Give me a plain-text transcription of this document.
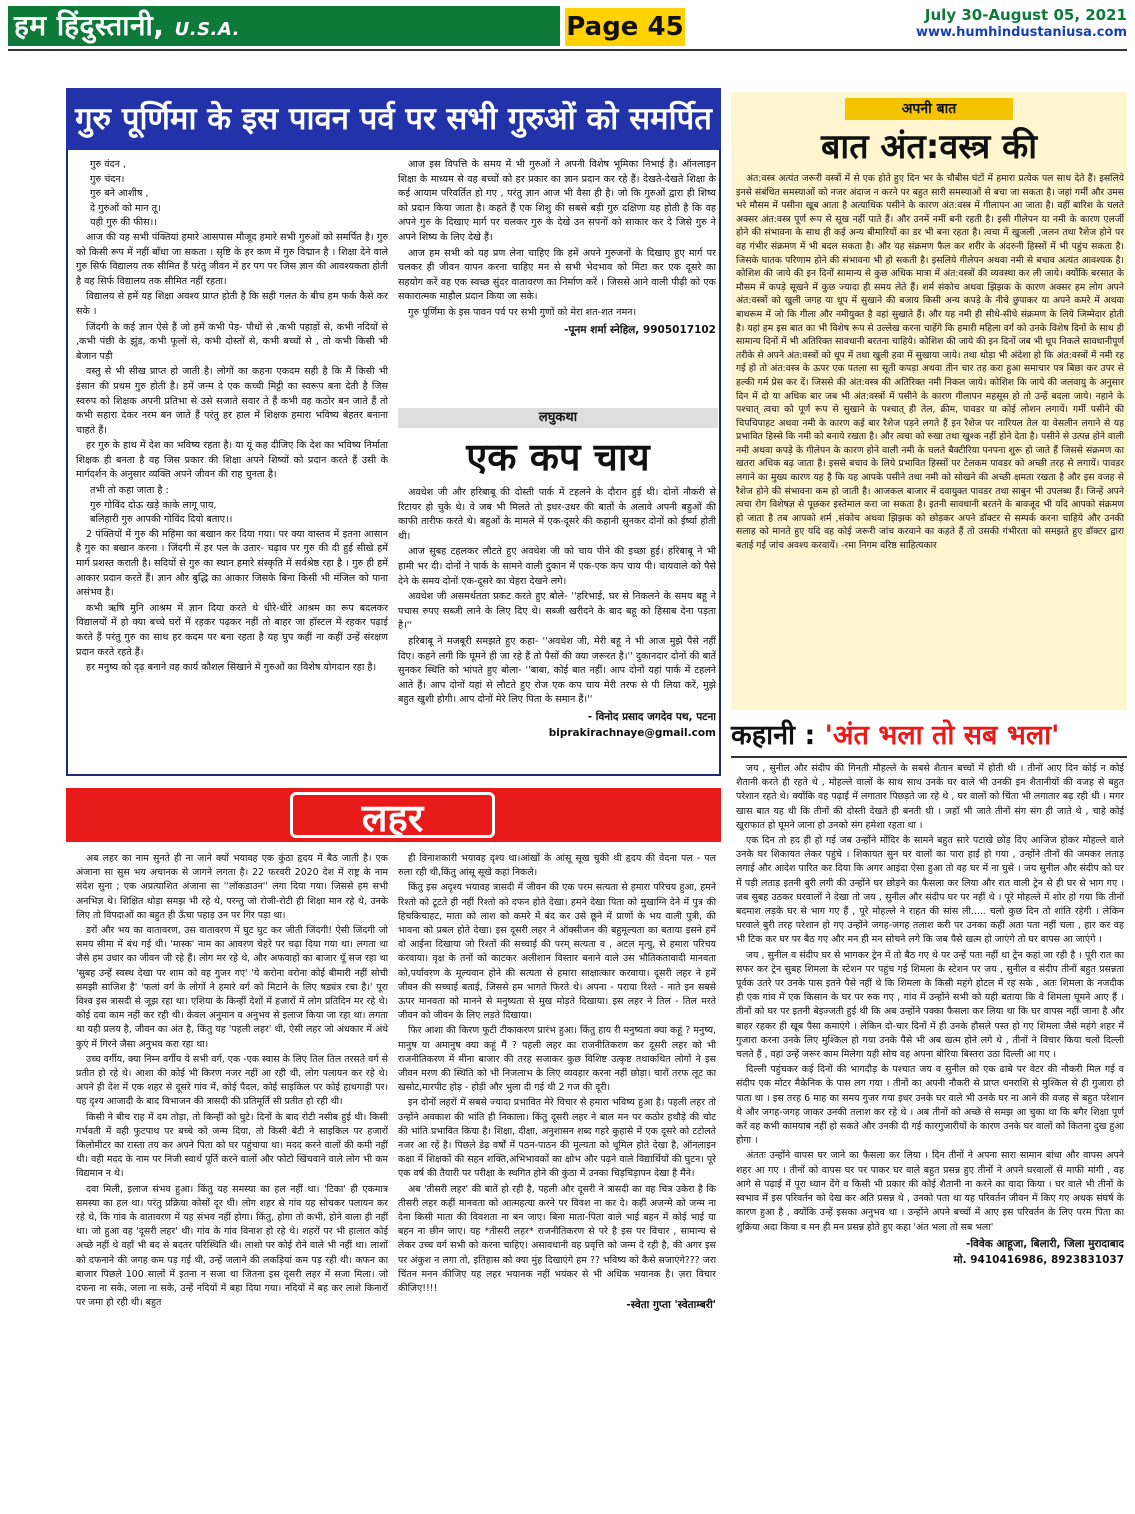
हम हिंदुस्तानी, U.S.A.	Page 45	July 30-August 05, 2021
www.humhindustaniusa.com
गुरु पूर्णिमा के इस पावन पर्व पर सभी गुरुओं को समर्पित
गुरु वंदन ,
गुरु चंदन।
गुरु बने आशीष ,
दे गुरुओं को मान तू।
यही गुरु की फीस।।

आज की यह सभी पंक्तियां हमारे आसपास मौजूद हमारे सभी गुरुओं को समर्पित है। गुरु को किसी रूप में नहीं बाँधा जा सकता । सृष्टि के हर कण में गुरु विद्मान है । शिक्षा देने वाले गुरु सिर्फ विद्यालय तक सीमित हैं परंतु जीवन में हर पग पर जिस ज्ञान की आवश्यकता होती है वह सिर्फ विद्यालय तक सीमित नहीं रहता।

विद्यालय से हमें यह शिक्षा अवश्य प्राप्त होती है कि सही गलत के बीच हम फर्क कैसे कर सके ।

जिंदगी के कई ज्ञान ऐसे हैं जो हमें कभी पेड़- पौधों से ,कभी पहाड़ों से, कभी नदियों से ,कभी पंछी के झुंड, कभी फूलों से, कभी दोस्तों से, कभी बच्चों से , तो कभी किसी भी बेजान पड़ी

वस्तु से भी सीख प्राप्त हो जाती है। लोगों का कहना एकदम सही है कि मैं किसी भी इंसान की प्रथम गुरु होती है। हमें जन्म दे एक कच्ची मिट्टी का स्वरूप बना देती है जिस स्वरुप को शिक्षक अपनी प्रतिभा से उसे सजाते सवार ते हैं कभी वह कठोर बन जाते हैं तो कभी सहारा देकर नरम बन जाते हैं परंतु हर हाल में शिक्षक हमारा भविष्य बेहतर बनाना चाहते हैं।

हर गुरु के हाथ में देश का भविष्य रहता है। या यूं कह दीजिए कि देश का भविष्य निर्माता शिक्षक ही बनता है वह जिस प्रकार की शिक्षा अपने शिष्यों को प्रदान करते हैं उसी के मार्गदर्शन के अनुसार व्यक्ति अपने जीवन की राह चुनता है।

तभी तो कहा जाता है :
गुरु गोविंद दोऊ खड़े काके लागू पाय,
बलिहारी गुरु आपकी गोविंद दियो बताए।।

2 पंक्तियों में गुरु की महिमा का बखान कर दिया गया। पर क्या वास्तव में इतना आसान है गुरु का बखान करना । जिंदगी में हर पल के उतार- चढ़ाव पर गुरु की दी हुई सीखे हमें मार्ग प्रशस्त कराती है। सदियों से गुरु का स्थान हमारे संस्कृति में सर्वश्रेष्ठ रहा है । गुरु ही हमें आकार प्रदान करते हैं। ज्ञान और बुद्धि का आकार जिसके बिना किसी भी मंजिल को पाना असंभव है।

कभी ऋषि मुनि आश्रम में ज्ञान दिया करते थे धीरे-धीरे आश्रम का रूप बदलकर विद्यालयों में हो क्या बच्चे घरों में रहकर पढ़कर नहीं तो बाहर जा हॉस्टल में रहकर पढ़ाई करते हैं परंतु गुरु का साथ हर कदम पर बना रहता है यह घुप कहीं ना कहीं उन्हें संरक्षण प्रदान करते रहते हैं।

हर मनुष्य को दृढ़ बनाने वह कार्य कौशल सिखाने में गुरुओं का विशेष योगदान रहा है।

आज इस विपत्ति के समय में भी गुरुओं ने अपनी विशेष भूमिका निभाई है। ऑनलाइन शिक्षा के माध्यम से वह बच्चों को हर प्रकार का ज्ञान प्रदान कर रहे हैं। देखते-देखते शिक्षा के कई आयाम परिवर्तित हो गए , परंतु ज्ञान आज भी वैसा ही है। जो कि गुरुओं द्वारा ही शिष्य को प्रदान किया जाता है। कहते हैं एक शिशु की सबसे बड़ी गुरु दक्षिणा यह होती है कि वह अपने गुरु के दिखाए मार्ग पर चलकर गुरु के देखे उन सपनों को साकार कर दे जिसे गुरु ने अपने शिष्य के लिए देखे हैं।

आज हम सभी को यह प्रण लेना चाहिए कि हमें अपने गुरुजनों के दिखाए हुए मार्ग पर चलकर ही जीवन यापन करना चाहिए मन से सभी भेदभाव को मिटा कर एक दूसरे का सहयोग करें वह एक स्वच्छ सुंदर वातावरण का निर्माण करें । जिससे आने वाली पीढ़ी को एक सकारात्मक माहौल प्रदान किया जा सके।

गुरु पूर्णिमा के इस पावन पर्व पर सभी गुणों को मेरा शत-शत नमन।

-पूनम शर्मा स्नेहिल, 9905017102
लघुकथा
एक कप चाय

अवधेश जी और हरिबाबू की दोस्ती पार्क में टहलने के दौरान हुई थी। दोनों नौकरी से रिटायर हो चुके थे। वे जब भी मिलते तो इधर-उधर की बातों के अलावे अपनी बहुओं की काफी तारीफ करते थे। बहुओं के मामले में एक-दूसरे की कहानी सुनकर दोनों को ईर्ष्या होती थी।

आज सुबह टहलकर लौटते हुए अवधेश जी को चाय पीने की इच्छा हुई। हरिबाबू ने भी हामी भर दी। दोनों ने पार्क के सामने वाली दुकान में एक-एक कप चाय पी। चायवाले को पैसे देने के समय दोनों एक-दूसरे का चेहरा देखने लगे।

अवधेश जी असमर्थतता प्रकट करते हुए बोले- ''हरिभाई, घर से निकलने के समय बहू ने पचास रुपए सब्जी लाने के लिए दिए थे। सब्जी खरीदने के बाद बहू को हिसाब देना पड़ता है।''

हरिबाबू ने मजबूरी समझते हुए कहा- ''अवधेश जी, मेरी बहू ने भी आज मुझे पैसे नहीं दिए। कहने लगी कि घूमने ही जा रहे हैं तो पैसों की क्या जरूरत है।'' दुकानदार दोनों की बातें सुनकर स्थिति को भांपते हुए बोला- ''बाबा, कोई बात नहीं। आप दोनों यहां पार्क में टहलने आते हैं। आप दोनों यहां से लौटते हुए रोज एक कप चाय मेरी तरफ से पी लिया करें, मुझे बहुत खुशी होगी। आप दोनों मेरे लिए पिता के समान हैं।''

- विनोद प्रसाद जगदेव पथ, पटना
biprakirachnaye@gmail.com
लहर

अब लहर का नाम सुनते ही ना जाने क्यों भयावह एक कुंठा हृदय में बैठ जाती है। एक अंजाना सा सुस भय अचानक से जागने लगता है। 22 फरवरी 2020 देश में राष्ट्र के नाम संदेश सुना ; एक अप्रत्याशित अंजाना सा ''लॉकडाउन'' लगा दिया गया। जिससे हम सभी अनभिज्ञ थे। शिक्षित थोड़ा समझ भी रहे थे, परन्तु जो रोजी-रोटी ही शिक्षा मान रहे थे, उनके लिए तो विपदाओं का बहुत ही ऊँचा पहाड़ उन पर गिर पड़ा था।

डरों और भय का वातावरण, उस वातावरण में घुट घुट कर जीती जिंदगी! ऐसी जिंदगी जो समय सीमा में बंध गई थी। 'मास्क' नाम का आवरण चेहरे पर चढ़ा दिया गया था। लगता था जैसे हम उधार का जीवन जी रहे हैं। लोग मर रहे थे, और अफवाहों का बाजार यूँ सज रहा था 'सुबह उन्हें स्वस्थ देखा पर शाम को वह गुजर गए' 'ये करोना वरोना कोई बीमारी नहीं सोची समझी साजिश है' 'फलां वर्ग के लोगों ने हमारे वर्ग को मिटाने के लिए षड्यंत्र रचा है।' पूरा विश्व इस त्रासदी से जूझ रहा था। एशिया के किन्हीं देशों में हजारों में लोग प्रतिदिन मर रहे थे। कोई दवा काम नहीं कर रही थी। केवल अनुमान व अनुभव से इलाज किया जा रहा था। लगता था यही प्रलय है, जीवन का अंत है, किंतु यह 'पहली लहर' थी, ऐसी लहर जो अंधकार में अंधे कुएं में गिरने जैसा अनुभव करा रहा था।

उच्च वर्गीय, क्या निम्न वर्गीय ये सभी वर्ग, एक -एक स्वास के लिए तिल तिल तरसते वर्ग से प्रतीत हो रहे थे। आशा की कोई भी किरण नजर नहीं आ रही थी, लोग पलायन कर रहे थे। अपने ही देश में एक शहर से दूसरे गांव में, कोई पैदल, कोई साइकिल पर कोई हाथगाड़ी पर। यह दृश्य आजादी के बाद विभाजन की त्रासदी की प्रतिमूर्ति सी प्रतीत हो रही थी।

किसी ने बीच राह में दम तोड़ा, तो किन्हीं को घुटे। दिनों के बाद रोटी नसीब हुई थी। किसी गर्भवती में वही फुटपाथ पर बच्चे को जन्म दिया, तो किसी बेटी ने साइकिल पर हजारों किलोमीटर का रास्ता तय कर अपने पिता को घर पहुंचाया था। मदद करने वालों की कमी नहीं थी। वही मदद के नाम पर निजी स्वार्थ पूर्ति करने वालों और फोटो खिंचवाने वाले लोग भी कम विद्यमान न थे।

दवा मिली, इलाज संभव हुआ। किंतु यह समस्या का हल नहीं था। 'टिका' ही एकमात्र समस्या का हल था। परंतु प्रक्रिया कोसों दूर थी। लोग शहर से गांव यह सोचकर पलायन कर रहे थे, कि गांव के वातावरण में यह संभव नहीं होगा। किंतु, होगा तो कभी, होने वाला ही नहीं था। जो हुआ वह 'दूसरी लहर' थी। गांव के गांव विनाश हो रहे थे। शहरों पर भी हालात कोई अच्छे नहीं थे वहाँ भी बद से बदतर परिस्थिति थी। लाशो पर कोई रोने वाले भी नहीं था। लाशों को दफनाने की जगह कम पड़ गई थी, उन्हें जलाने की लकड़ियां कम पड़ रही थी। कफन का बाजार पिछले 100 सालों में इतना न सजा था जितना इस दूसरी लहर में सजा मिला। जो दफना ना सके, जला ना सके, उन्हें नदियों में बहा दिया गया। नदियों में बह कर लाशे किनारों पर जमा हो रही थी। बहुत

ही विनाशकारी भयावह दृश्य था।आंखों के आंसू सूख चुकी थी हृदय की वेदना पल - पल रुला रही थी,किंतु आंसू सूखे कहां निकले।

किंतु इस अदृश्य भयावह त्रासदी में जीवन की एक परम सत्यता से हमारा परिचय हुआ, हमने रिश्तो को टूटते ही नहीं रिश्तो को दफन होते देखा। हमने देखा पिता को मुखाग्नि देने में पुत्र की हिचकिचाहट, माता को लाश को कमरे में बंद कर उसे छूने में प्राणों के भय वाली पुत्री, की भावना को प्रबल होते देखा। इस दूसरी लहर ने ऑक्सीजन की बहुमूल्यता का बताया इसने हमें वो आईना दिखाया जो रिश्तों की सच्चाई की परम् सत्यता व , अटल मृत्यु, से हमारा परिचय करवाया। वृक्ष के तनों को काटकर अलीशान विस्तार बनाने वाले उस भौतिकतावादी मानवता को,पर्यावरण के मूल्यवान होने की सत्यता से हमारा साक्षात्कार करवाया। दूसरी लहर ने हमें जीवन की सच्चाई बताई, जिससे हम भागते फिरते थे। अपना - पराया रिश्ते - नाते इन सबसे ऊपर मानवता को मानने से मनुष्यता से मुख मोड़ते दिखाया। इस लहर ने तिल - तिल मरते जीवन को जीवन के लिए लड़ते दिखाया।

फिर आशा की किरण फूटी टीकाकरण प्रारंभ हुआ। किंतु हाय री मनुष्यता क्या कहूं ? मनुष्य, मानुष या अमानुष क्या कहूं मैं ? पहली लहर का राजनीतिकरण कर दूसरी लहर को भी राजनीतिकरण में मीना बाजार की तरह सजाकर कुछ विशिष्ट उत्कृष्ट तथाकथित लोगों ने इस जीवन मरण की स्थिति को भी निजलाभ के लिए व्यवहार करना नहीं छोड़ा। चारों तरफ लूट का खसोट,मारपीट होड़ - होड़ी और भुला दी गई थी 2 गज की दूरी।

इन दोनों लहरों में सबसे ज्यादा प्रभावित मेरे विचार से हमारा भविष्य हुआ है। पहली लहर तो उन्होंने अवकाश की भांति ही निकाला। किंतु दूसरी लहर ने बाल मन पर कठोर हथौड़े की चोट की भांति प्रभावित किया है। शिक्षा, दीक्षा, अनुशासन शब्द गहरे कुहासे में एक दूसरे को टटोलते नजर आ रहें है। पिछले डेढ़ वर्षों में पठन-पाठन की मूल्यता को धूमिल होते देखा है, ऑनलाइन कक्षा में शिक्षकों की सहन शक्ति,अभिभावकों का क्षोभ और पढ़ने वाले विद्यार्थियों की घुटन। पूरे एक वर्ष की तैयारी पर परीक्षा के स्थगित होने की कुंठा में उनका चिड़चिड़ापन देखा है मैंने।

अब 'तीसरी लहर' की बातें हो रही है, पहली और दूसरी ने त्रासदी का वह चित्र उकेरा है कि तीसरी लहर कहीं मानवता को आत्महत्या करने पर विवश ना कर दे। कहीं अजन्मे को जन्म ना देना किसी माता की विवशता ना बन जाए। बिना माता-पिता वाले भाई बहन में कोई भाई या बहन ना छीन जाए। यह *तीसरी लहर* राजनीतिकरण से परे है इस पर विचार , सामान्य से लेकर उच्च वर्ग सभी को करना चाहिए। असावधानी वह प्रवृत्ति को जन्म दे रही है, की अगर इस पर अंकुश न लगा तो, इतिहास को क्या मुंह दिखाएंगे हम ?? भविष्य को कैसे सजाएंगे??? जरा चिंतन मनन कीजिए यह लहर भयानक नहीं भयंकर से भी अधिक भयानक है। ज़रा विचार कीजिए!!!!

-स्वेता गुप्ता 'स्वेताम्बरी'
अपनी बात
बात अंत:वस्त्र की

अंत:वस्त्र अत्यंत जरूरी वस्त्रों में से एक होते हुए दिन भर के चौबीस घंटों में हमारा प्रत्येक पल साथ देते हैं। इसलिये इनसे संबंधित समस्याओं को नजर अंदाज न करने पर बहुत सारी समस्याओं से बचा जा सकता है। जहां गर्मी और उमस भरे मौसम में पसीना खूब आता है अत्याधिक पसीने के कारण अंत:वस्त्र में गीलापन आ जाता है। वहीं बारिश के चलते अक्सर अंत:वस्त्र पूर्ण रूप से सूख नहीं पाते हैं। और उनमें नमीं बनी रहती है। इसी गीलेपन या नमी के कारण एलर्जी होने की संभावना के साथ ही कई अन्य बीमारियों का डर भी बना रहता है। त्वचा में खुजली ,जलन तथा रैशेज होने पर वह गंभीर संक्रमण में भी बदल सकता है। और यह संक्रमण फैल कर शरीर के अंदरुनी हिस्सों में भी पहुंच सकता है। जिसके घातक परिणाम होने की संभावना भी हो सकती है। इसलिये गीलेपन अथवा नमी से बचाव अत्यंत आवश्यक है। कोशिश की जाये की इन दिनों सामान्य से कुछ अधिक मात्रा में अंत:वस्त्रों की व्यवस्था कर ली जाये। क्योंकि बरसात के मौसम में कपड़े सूखने में कुछ ज्यादा ही समय लेते हैं। शर्म संकोच अथवा झिझक के कारण अक्सर हम लोग अपने अंत:वस्त्रों को खुली जगह या धूप में सुखाने की बजाय किसी अन्य कपड़े के नीचे छुपाकर या अपने कमरे में अथवा बाथरूम में जो कि गीला और नमीयुक्त है वहां सुखाते हैं। और यह नमी ही सीधे-सीधे संक्रमण के लिये जिम्मेदार होती है। यहां हम इस बात का भी विशेष रूप से उल्लेख करना चाहेंगे कि हमारी महिला वर्ग को उनके विशेष दिनों के साथ ही सामान्य दिनों में भी अतिरिक्त सावधानी बरतना चाहिये। कोशिश की जाये की इन दिनों जब भी धूप निकले सावधानीपूर्ण तरीके से अपने अंत:वस्त्रों को धूप में तथा खुली हवा में सुखाया जाये। तथा थोड़ा भी अंदेशा हो कि अंत:वस्त्रों में नमी रह गई हो तो अंत:वस्त्र के ऊपर एक पतला सा सूती कपड़ा अथवा तीन चार तह करा हुआ समाचार पत्र बिछा कर उपर से हल्की गर्म प्रेस कर दें। जिससे की अंत:वस्त्र की अतिरिक्त नमी निकल जाये। कोशिश कि जाये की जलवायु के अनुसार दिन में दो या अधिक बार जब भी अंत:वस्त्रों में पसीने के कारण गीलापन महसूस हो तो उन्हें बदला जाये। नहाने के पश्चात् त्वचा को पूर्ण रूप से सुखाने के पश्चात् ही तेल, क्रीम, पावडर या कोई लोशन लगायें। गर्मी पसीने की चिपचिपाहट अथवा नमी के कारण कई बार रैशेज पड़ने लगते हैं इन रैशेज पर नारियल तेल या वेसलीन लगाने से यह प्रभावित हिस्से कि नमी को बनाये रखता है। और त्वचा को रुखा तथा खुश्क नहीं होने देता है। पसीने से उत्पन्न होने वाली नमी अथवा कपड़े के गीलेपन के कारण होने वाली नमी के चलते बैक्टीरिया पनपना शुरू हो जाते हैं जिससे संक्रमण का खतरा अधिक बढ़ जाता है। इससे बचाव के लिये प्रभावित हिस्सों पर टेलकम पावडर को अच्छी तरह से लगायें। पावडर लगाने का मुख्य कारण यह है कि यह आपके पसीने तथा नमी को सोखने की अच्छी क्षमता रखता है और इस वजह से रैशेज होने की संभावना कम हो जाती है। आजकल बाजार में दवायुक्त पावडर तथा साबुन भी उपलब्ध हैं। जिन्हें अपने त्वचा रोग विशेषज्ञ से पूछकर इस्तेमाल करा जा सकता है। इतनी सावधानी बरतने के बावजूद भी यदि आपको संक्रमण हो जाता है तब आपको शर्म ,संकोच अथवा झिझक को छोड़कर अपने डॉक्टर से सम्पर्क करना चाहिये और उनकी सलाह को मानते हुए यदि वह कोई जरूरी जांच करवाने का कहते हैं तो उसकी गंभीरता को समझते हुए डॉक्टर द्वारा बताई गई जांच अवश्य करवायें। -रमा निगम वरिष्ठ साहित्यकार

कहानी : 'अंत भला तो सब भला'

जय , सुनील और संदीप की गिनती मौहल्ले के सबसे शैतान बच्चों में होती थी । तीनों आए दिन कोई न कोई शैतानी करते ही रहते थे , मोहल्ले वालों के साथ साथ उनके घर वाले भी उनकी इन शैतानीयों की वजह से बहुत परेशान रहते थे। क्योंकि वह पढ़ाई में लगातार पिछड़ते जा रहे थे , घर वालों को चिंता भी लगातार बढ़ रही थी । मगर खास बात यह थी कि तीनों की दोस्ती देखते ही बनती थी । जहाँ भी जाते तीनों संग संग ही जाते थे , चाहे कोई खुराफात हो घूमने जाना हो उनको संग हमेशा रहता था ।

एक दिन तो हद ही हो गई जब उन्होंने मोंदिर के सामने बहुत सारे पटाखे छोड़ दिए आजिज होकर मोहल्ले वाले उनके घर शिकायत लेकर पहुंचे । शिकायत सुन घर वालों का पारा हाई हो गया , उन्होंने तीनों की जमकर लताड़ लगाई और आदेश पारित कर दिया कि अगर आइंदा ऐसा हुआ तो वह घर में ना घुसे । जय सुनील और संदीप को घर में पड़ी लताड़ इतनी बुरी लगी की उन्होंने घर छोड़ने का फैसला कर लिया और रात वाली ट्रेन से ही घर से भाग गए । जब सुबह उठकर घरवालों ने देखा तो जय , सुनील और संदीप घर पर नहीं थे । पूरे मोहल्ले में शोर हो गया कि तीनों बदमाश लड़के घर से भाग गए हैं , पूरे मोहल्ले ने राहत की सांस ली..... चलो कुछ दिन तो शांति रहेगी । लेकिन घरवाले बुरी तरह परेशान हो गए उन्होंने जगह-जगह तलाश करी पर उनका कहीं अता पता नहीं चला , हार कर वह भी टिक कर घर पर बैठ गए और मन ही मन सोचने लगे कि जब पैसे खत्म हो जाएंगे तो घर वापस आ जाएंगे ।

जय , सुनील व संदीप घर से भागकर ट्रेन में तो बैठ गए थे पर उन्हें पता नहीं था ट्रेन कहां जा रही है । पूरी रात का सफर कर ट्रेन सुबह शिमला के स्टेशन पर पहुंच गई शिमला के स्टेशन पर जय , सुनील व संदीप तीनों बहुत प्रसन्नता पूर्वक उतरे पर उनके पास इतने पैसे नहीं थे कि शिमला के किसी महंगे होटल में रह सके , अतः शिमला के नजदीक ही एक गांव में एक किसान के घर पर रुक गए , गांव में उन्होंने सभी को यही बताया कि वे शिमला घूमने आए हैं । तीनों को घर पर इतनी बेइज्जती हुई थी कि अब उन्होंने पक्का फैसला कर लिया था कि घर वापस नहीं जाना है और बाहर रहकर ही खूब पैसा कमाएंगे । लेकिन दो-चार दिनों में ही उनके हौसले पस्त हो गए शिमला जैसे महंगे शहर में गुजारा करना उनके लिए मुश्किल हो गया उनके पैसे भी अब खत्म होने लगे थे , तीनों ने विचार किया चलो दिल्ली चलते हैं , वहां उन्हें जरूर काम मिलेगा यही सोच वह अपना बोरिया बिस्तरा उठा दिल्ली आ गए ।

दिल्ली पहुंचकर कई दिनों की भागदौड़ के पश्चात जय व सुनील को एक ढाबे पर वेटर की नौकरी मिल गई व संदीप एक मोटर मैकेनिक के पास लग गया । तीनों का अपनी नौकरी से प्राप्त धनराशि से मुश्किल से ही गुजारा हो पाता था । इस तरह 6 माह का समय गुजर गया इधर उनके घर वाले भी उनके घर ना आने की वजह से बहुत परेशान थे और जगह-जगह जाकर उनकी तलाश कर रहे थे । अब तीनों को अच्छे से समझ आ चुका था कि बगैर शिक्षा पूर्ण करें वह कभी कामयाब नहीं हो सकते और उनकी दी गई कारगुजारीयों के कारण उनके घर वालों को कितना दुख हुआ होगा ।

अंततः उन्होंने वापस घर जाने का फैसला कर लिया । दिन तीनों ने अपना सारा सामान बांधा और वापस अपने शहर आ गए । तीनों को वापस घर पर पाकर घर वाले बहुत प्रसन्न हुए तीनों ने अपने घरवालों से माफी मांगी , वह आगे से पढ़ाई में पूरा ध्यान देंगे व किसी भी प्रकार की कोई शैतानी ना करने का वादा किया । घर वाले भी तीनों के स्वभाव में इस परिवर्तन को देख कर अति प्रसन्न थे , उनको पता था यह परिवर्तन जीवन में किए गए अथक संघर्ष के कारण हुआ है , क्योंकि उन्हें इसका अनुभव था । उन्होंने अपने बच्चों में आए इस परिवर्तन के लिए परम पिता का शुक्रिया अदा किया व मन ही मन प्रसन्न होते हुए कहा 'अंत भला तो सब भला'

-विवेक आहूजा, बिलारी, जिला मुरादाबाद
मो. 9410416986, 8923831037
